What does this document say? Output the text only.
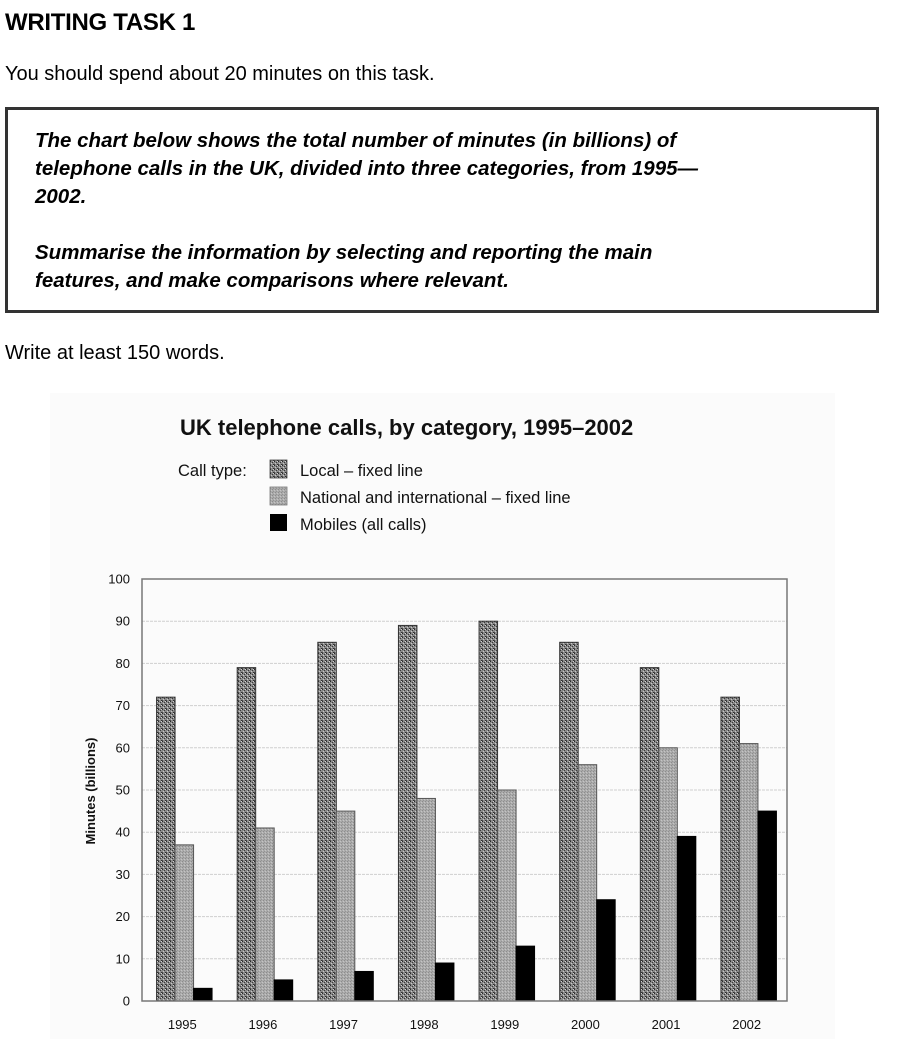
WRITING TASK 1

You should spend about 20 minutes on this task.

The chart below shows the total number of minutes (in billions) of

telephone calls in the UK, divided into three categories, from 1995—

2002.

Summarise the information by selecting and reporting the main

features, and make comparisons where relevant.

Write at least 150 words.

UK telephone calls, by category, 1995–2002
Call type:	Local – fixed line
National and international – fixed line
Mobiles (all calls)
Minutes (billions)
0
10
20
30
40
50
60
70
80
90
100
1995	1996	1997	1998	1999	2000	2001	2002
